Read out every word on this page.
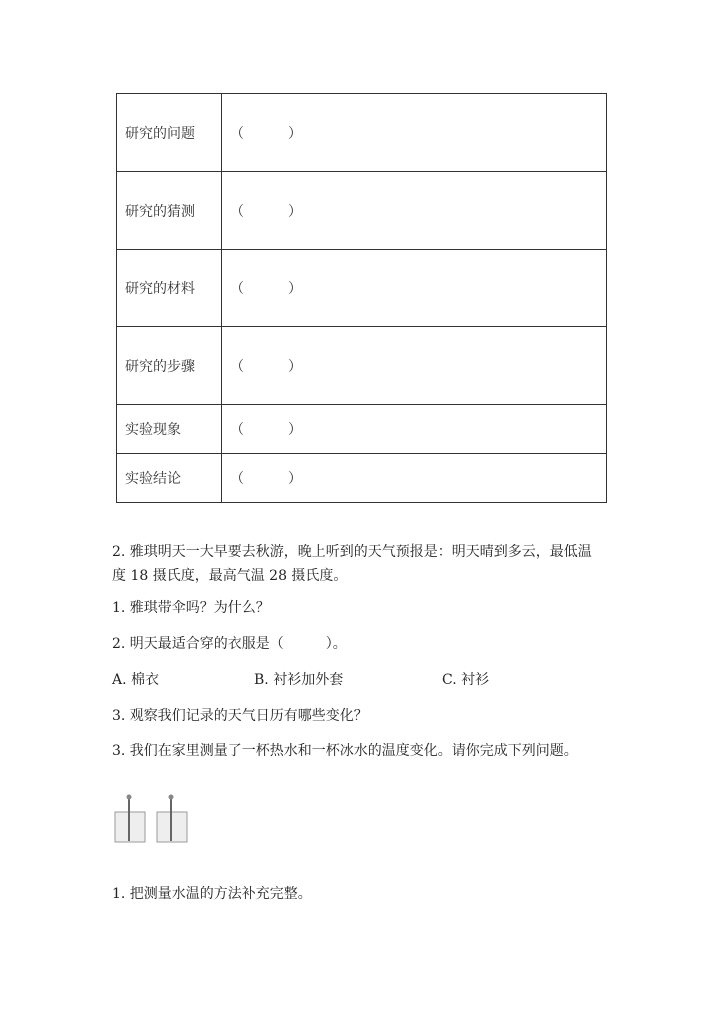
研究的问题	（ ）

研究的猜测	（ ）

研究的材料	（ ）

研究的步骤	（ ）

实验现象	（ ）

实验结论	（ ）
2. 雅琪明天一大早要去秋游，晚上听到的天气预报是：明天晴到多云，最低温
度 18 摄氏度，最高气温 28 摄氏度。
1. 雅琪带伞吗？为什么？
2. 明天最适合穿的衣服是（　　　）。
A. 棉衣	B. 衬衫加外套	C. 衬衫
3. 观察我们记录的天气日历有哪些变化？
3. 我们在家里测量了一杯热水和一杯冰水的温度变化。请你完成下列问题。
1. 把测量水温的方法补充完整。
